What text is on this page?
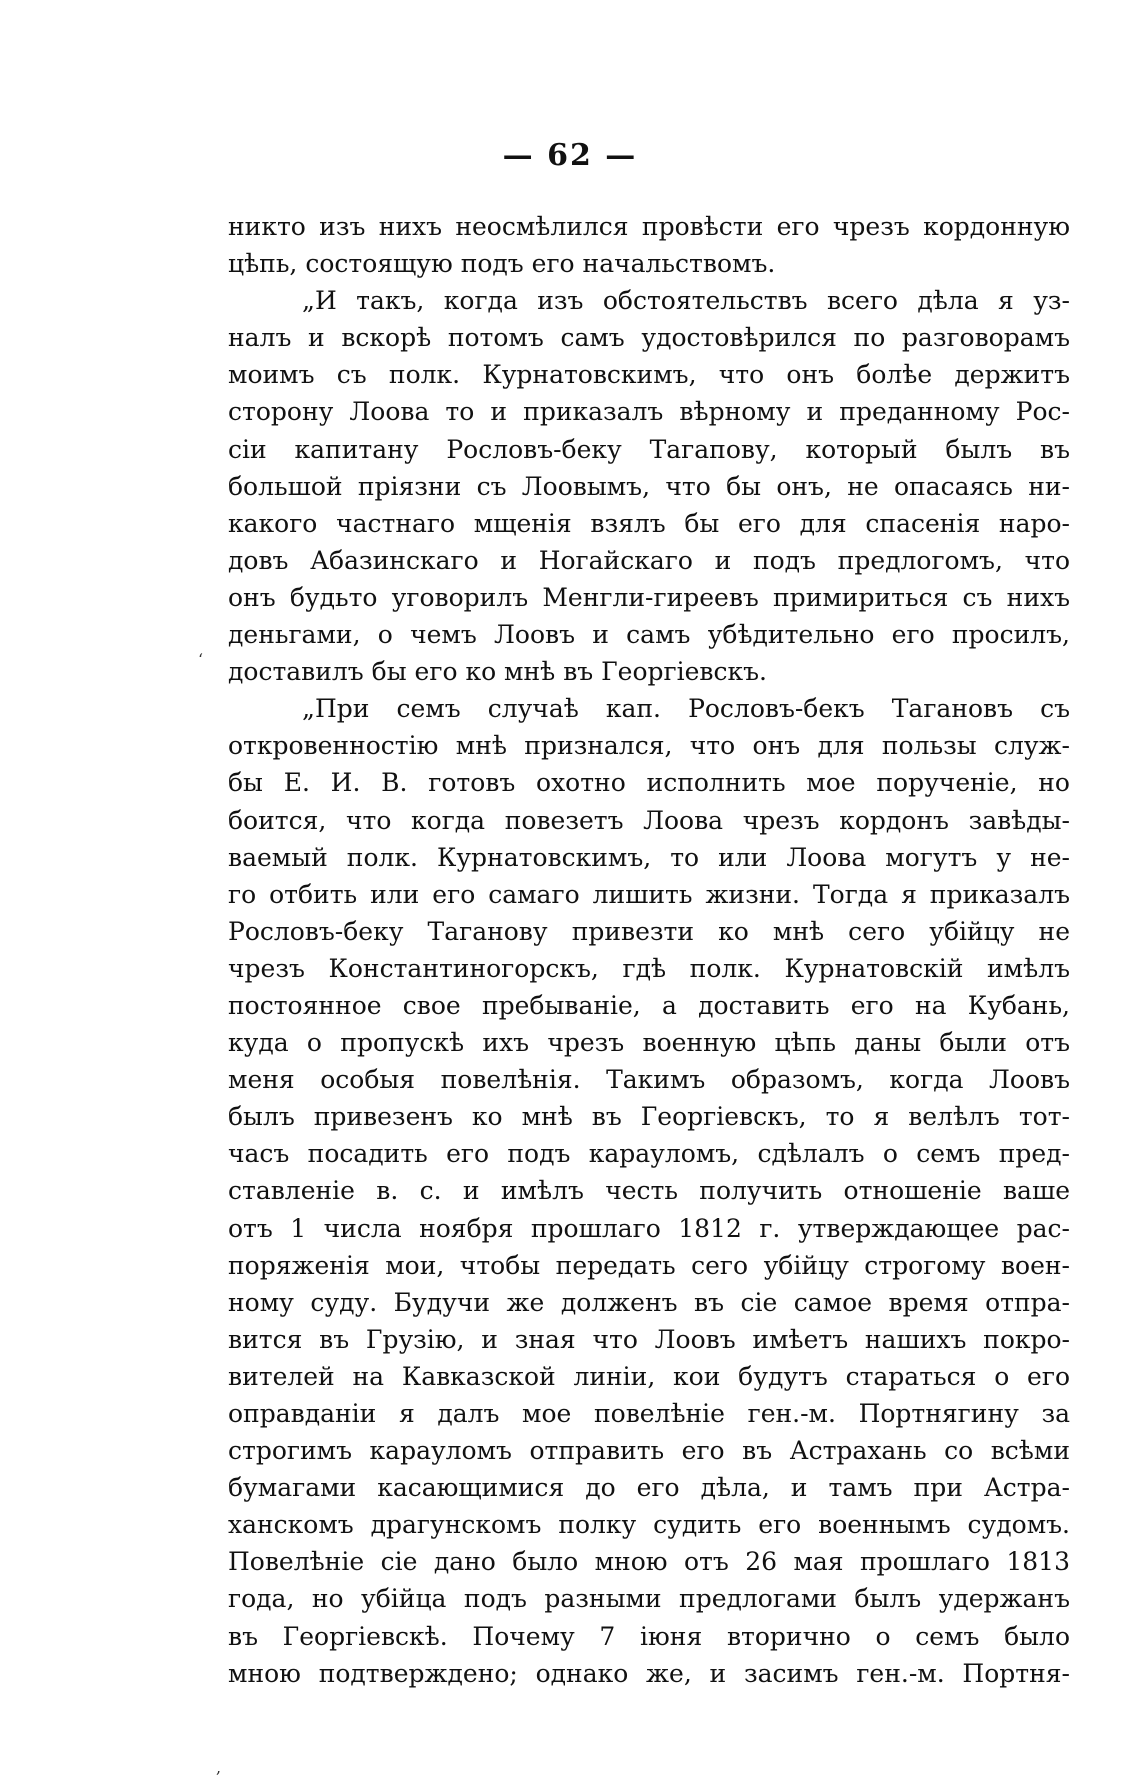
— 62 —
‘
,
никто изъ нихъ неосмѣлился провѣсти его чрезъ кордонную
цѣпь, состоящую подъ его начальствомъ.
„И такъ, когда изъ обстоятельствъ всего дѣла я уз-
налъ и вскорѣ потомъ самъ удостовѣрился по разговорамъ
моимъ съ полк. Курнатовскимъ, что онъ болѣе держитъ
сторону Лоова то и приказалъ вѣрному и преданному Рос-
сіи капитану Рословъ-беку Тагапову, который былъ въ
большой пріязни съ Лоовымъ, что бы онъ, не опасаясь ни-
какого частнаго мщенія взялъ бы его для спасенія наро-
довъ Абазинскаго и Ногайскаго и подъ предлогомъ, что
онъ будьто уговорилъ Менгли-гиреевъ примириться съ нихъ
деньгами, о чемъ Лоовъ и самъ убѣдительно его просилъ,
доставилъ бы его ко мнѣ въ Георгіевскъ.
„При семъ случаѣ кап. Рословъ-бекъ Тагановъ съ
откровенностію мнѣ признался, что онъ для пользы служ-
бы Е. И. В. готовъ охотно исполнить мое порученіе, но
боится, что когда повезетъ Лоова чрезъ кордонъ завѣды-
ваемый полк. Курнатовскимъ, то или Лоова могутъ у не-
го отбить или его самаго лишить жизни. Тогда я приказалъ
Рословъ-беку Таганову привезти ко мнѣ сего убійцу не
чрезъ Константиногорскъ, гдѣ полк. Курнатовскій имѣлъ
постоянное свое пребываніе, а доставить его на Кубань,
куда о пропускѣ ихъ чрезъ военную цѣпь даны были отъ
меня особыя повелѣнія. Такимъ образомъ, когда Лоовъ
былъ привезенъ ко мнѣ въ Георгіевскъ, то я велѣлъ тот-
часъ посадить его подъ карауломъ, сдѣлалъ о семъ пред-
ставленіе в. с. и имѣлъ честь получить отношеніе ваше
отъ 1 числа ноября прошлаго 1812 г. утверждающее рас-
поряженія мои, чтобы передать сего убійцу строгому воен-
ному суду. Будучи же долженъ въ сіе самое время отпра-
вится въ Грузію, и зная что Лоовъ имѣетъ нашихъ покро-
вителей на Кавказской линіи, кои будутъ стараться о его
оправданіи я далъ мое повелѣніе ген.-м. Портнягину за
строгимъ карауломъ отправить его въ Астрахань со всѣми
бумагами касающимися до его дѣла, и тамъ при Астра-
ханскомъ драгунскомъ полку судить его военнымъ судомъ.
Повелѣніе сіе дано было мною отъ 26 мая прошлаго 1813
года, но убійца подъ разными предлогами былъ удержанъ
въ Георгіевскѣ. Почему 7 іюня вторично о семъ было
мною подтверждено; однако же, и засимъ ген.-м. Портня-
